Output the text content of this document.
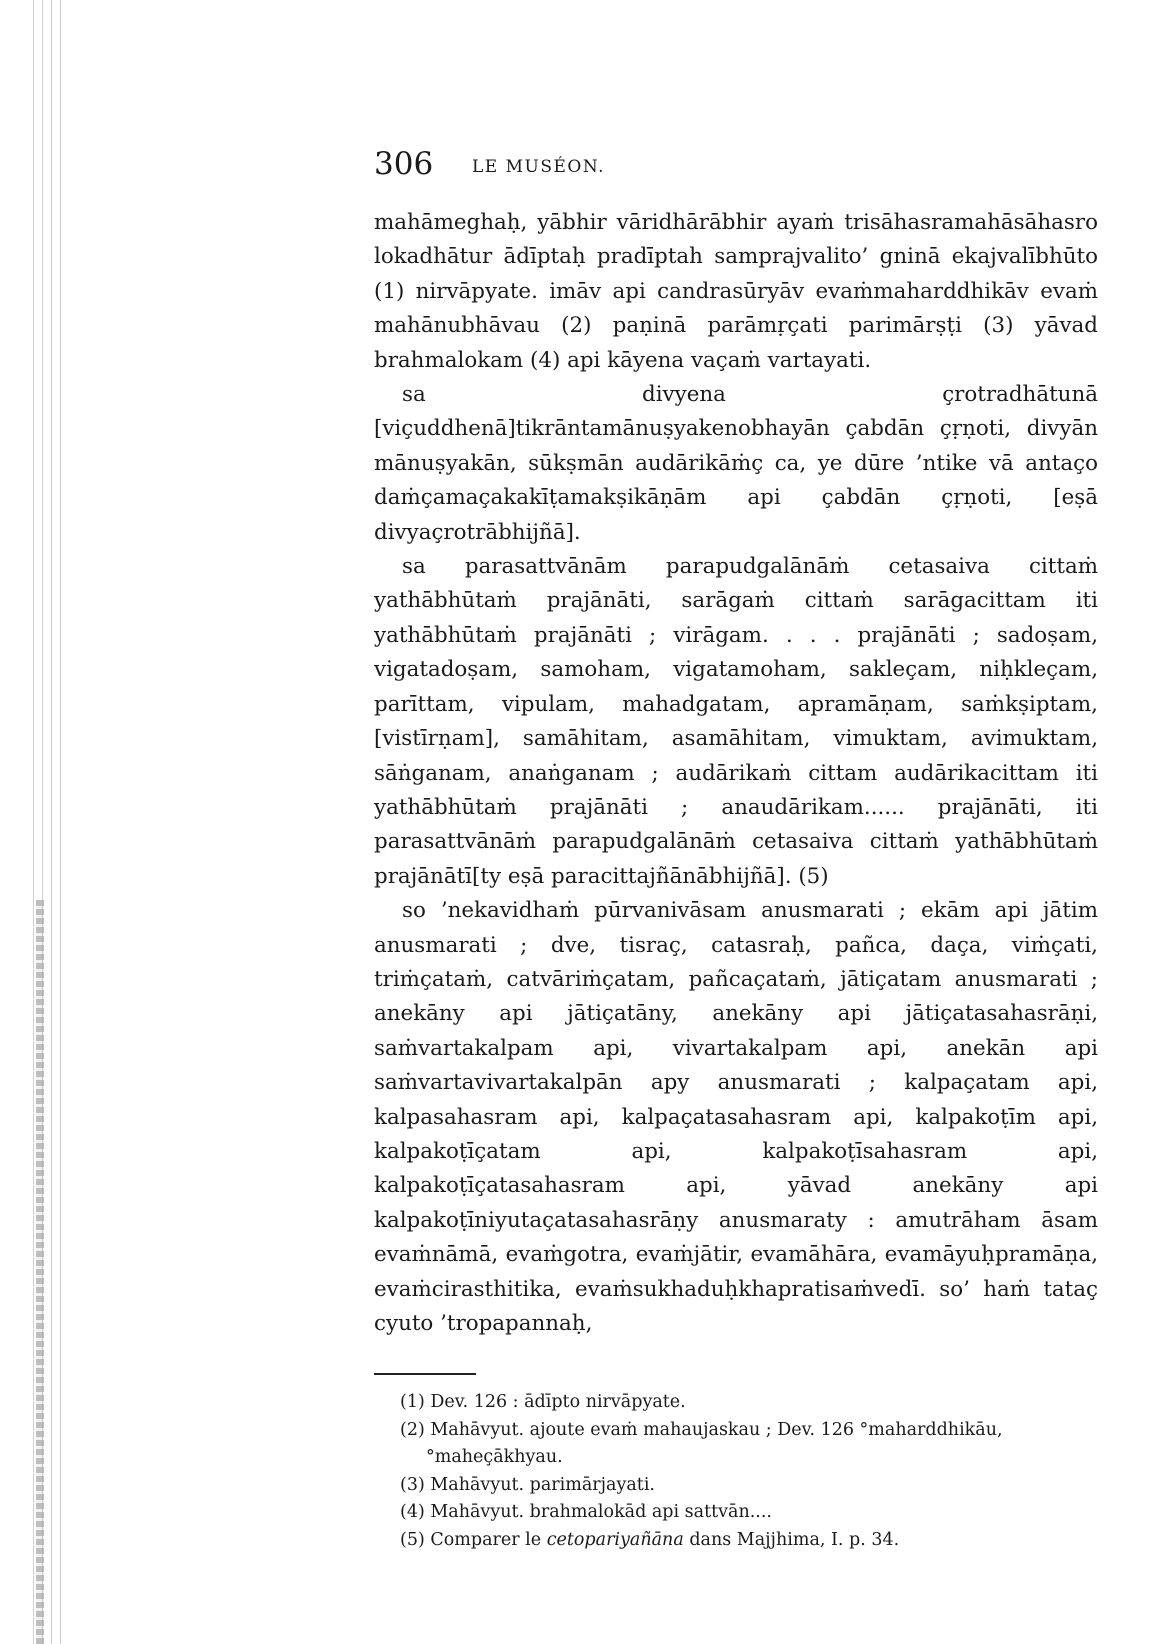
306 LE MUSÉON.

mahāmeghaḥ, yābhir vāridhārābhir ayaṁ trisāhasramahāsāhasro lokadhātur ādīptaḥ pradīptah samprajvalito’ gninā ekajvalībhūto (1) nirvāpyate. imāv api candrasūryāv evaṁmaharddhikāv evaṁ mahānubhāvau (2) paṇinā parāmṛçati parimārṣṭi (3) yāvad brahmalokam (4) api kāyena vaçaṁ vartayati.

sa divyena çrotradhātunā [viçuddhenā]tikrāntamānuṣyakenobhayān çabdān çṛṇoti, divyān mānuṣyakān, sūkṣmān audārikāṁç ca, ye dūre ’ntike vā antaço daṁçamaçakakīṭamakṣikāṇām api çabdān çṛṇoti, [eṣā divyaçrotrābhijñā].

sa parasattvānām parapudgalānāṁ cetasaiva cittaṁ yathābhūtaṁ prajānāti, sarāgaṁ cittaṁ sarāgacittam iti yathābhūtaṁ prajānāti ; virāgam. . . . prajānāti ; sadoṣam, vigatadoṣam, samoham, vigatamoham, sakleçam, niḥkleçam, parīttam, vipulam, mahadgatam, apramāṇam, saṁkṣiptam, [vistīrṇam], samāhitam, asamāhitam, vimuktam, avimuktam, sāṅganam, anaṅganam ; audārikaṁ cittam audārikacittam iti yathābhūtaṁ prajānāti ; anaudārikam...... prajānāti, iti parasattvānāṁ parapudgalānāṁ cetasaiva cittaṁ yathābhūtaṁ prajānātī[ty eṣā paracittajñānābhijñā]. (5)

so ’nekavidhaṁ pūrvanivāsam anusmarati ; ekām api jātim anusmarati ; dve, tisraç, catasraḥ, pañca, daça, viṁçati, triṁçataṁ, catvāriṁçatam, pañcaçataṁ, jātiçatam anusmarati ; anekāny api jātiçatāny, anekāny api jātiçatasahasrāṇi, saṁvartakalpam api, vivartakalpam api, anekān api saṁvartavivartakalpān apy anusmarati ; kalpaçatam api, kalpasahasram api, kalpaçatasahasram api, kalpakoṭīm api, kalpakoṭīçatam api, kalpakoṭīsahasram api, kalpakoṭīçatasahasram api, yāvad anekāny api kalpakoṭīniyutaçatasahasrāṇy anusmaraty : amutrāham āsam evaṁnāmā, evaṁgotra, evaṁjātir, evamāhāra, evamāyuḥpramāṇa, evaṁcirasthitika, evaṁsukhaduḥkhapratisaṁvedī. so’ haṁ tataç cyuto ’tropapannaḥ,

(1) Dev. 126 : ādīpto nirvāpyate.
(2) Mahāvyut. ajoute evaṁ mahaujaskau ; Dev. 126 °maharddhikāu, °maheçākhyau.
(3) Mahāvyut. parimārjayati.
(4) Mahāvyut. brahmalokād api sattvān....
(5) Comparer le cetopariyañāna dans Majjhima, I. p. 34.
